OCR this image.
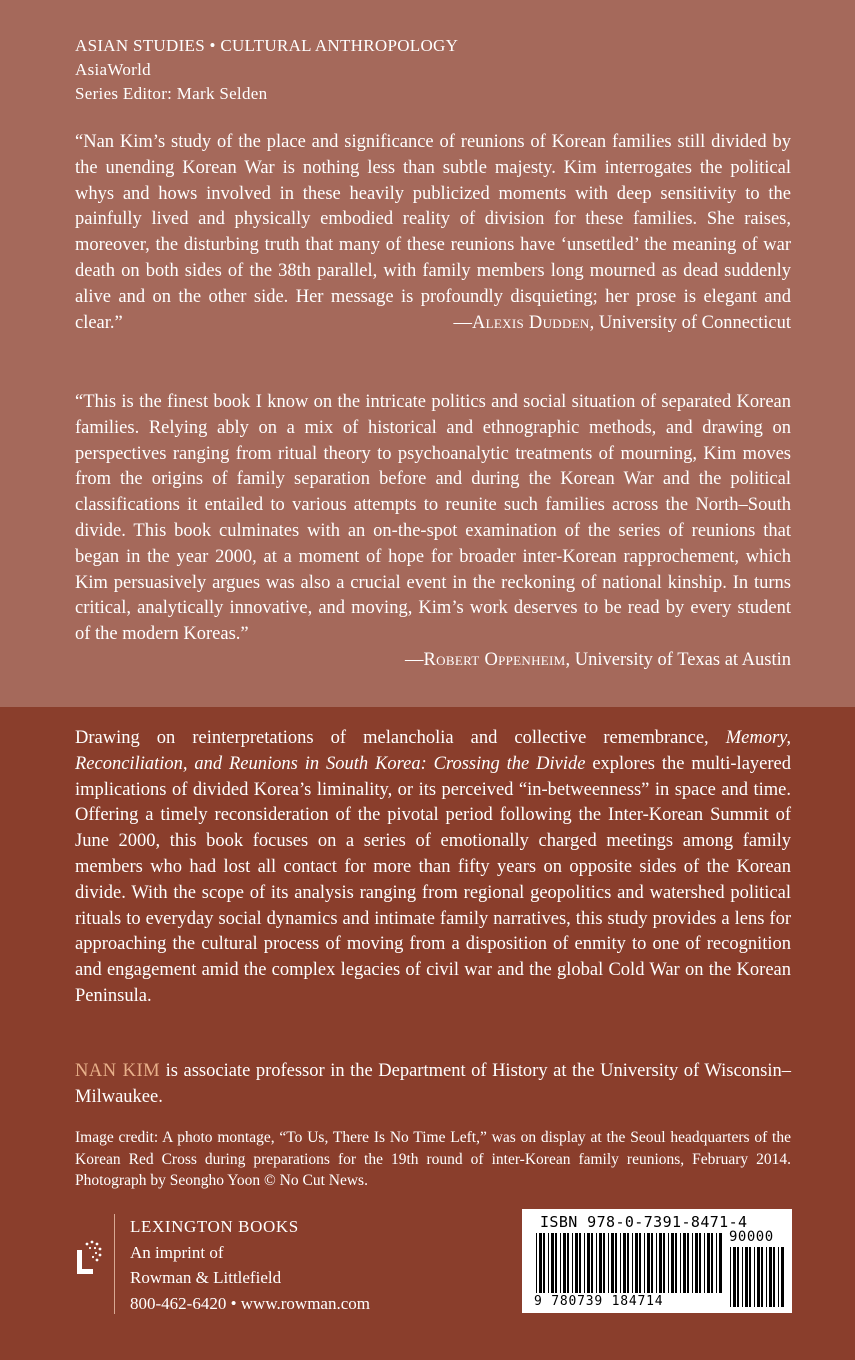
ASIAN STUDIES • CULTURAL ANTHROPOLOGY
AsiaWorld
Series Editor: Mark Selden
“Nan Kim’s study of the place and significance of reunions of Korean families still divided by the unending Korean War is nothing less than subtle majesty. Kim interrogates the political whys and hows involved in these heavily publicized moments with deep sensitivity to the painfully lived and physically embodied reality of division for these families. She raises, moreover, the disturbing truth that many of these reunions have ‘unsettled’ the meaning of war death on both sides of the 38th parallel, with family members long mourned as dead suddenly alive and on the other side. Her message is profoundly disquieting; her prose is elegant and clear.”	—Alexis Dudden, University of Connecticut
“This is the finest book I know on the intricate politics and social situation of separated Korean families. Relying ably on a mix of historical and ethnographic methods, and drawing on perspectives ranging from ritual theory to psychoanalytic treatments of mourning, Kim moves from the origins of family separation before and during the Korean War and the political classifications it entailed to various attempts to reunite such families across the North–South divide. This book culminates with an on-the-spot examination of the series of reunions that began in the year 2000, at a moment of hope for broader inter-Korean rapprochement, which Kim persuasively argues was also a crucial event in the reckoning of national kinship. In turns critical, analytically innovative, and moving, Kim’s work deserves to be read by every student of the modern Koreas.”
—Robert Oppenheim, University of Texas at Austin
Drawing on reinterpretations of melancholia and collective remembrance, Memory, Reconciliation, and Reunions in South Korea: Crossing the Divide explores the multi-layered implications of divided Korea’s liminality, or its perceived “in-betweenness” in space and time. Offering a timely reconsideration of the pivotal period following the Inter-Korean Summit of June 2000, this book focuses on a series of emotionally charged meetings among family members who had lost all contact for more than fifty years on opposite sides of the Korean divide. With the scope of its analysis ranging from regional geopolitics and watershed political rituals to everyday social dynamics and intimate family narratives, this study provides a lens for approaching the cultural process of moving from a disposition of enmity to one of recognition and engagement amid the complex legacies of civil war and the global Cold War on the Korean Peninsula.
NAN KIM is associate professor in the Department of History at the University of Wisconsin–Milwaukee.
Image credit: A photo montage, “To Us, There Is No Time Left,” was on display at the Seoul headquarters of the Korean Red Cross during preparations for the 19th round of inter-Korean family reunions, February 2014. Photograph by Seongho Yoon © No Cut News.
LEXINGTON BOOKS
An imprint of
Rowman & Littlefield
800-462-6420 • www.rowman.com
ISBN 978-0-7391-8471-4
90000
9 780739 184714
